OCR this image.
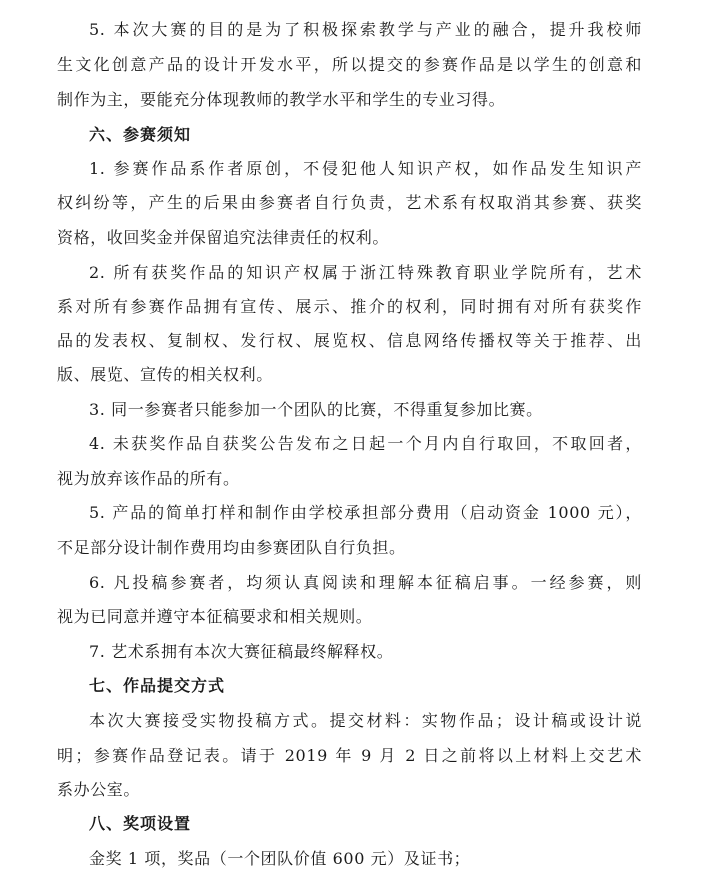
5. 本次大赛的目的是为了积极探索教学与产业的融合，提升我校师
生文化创意产品的设计开发水平，所以提交的参赛作品是以学生的创意和
制作为主，要能充分体现教师的教学水平和学生的专业习得。
六、参赛须知
1. 参赛作品系作者原创，不侵犯他人知识产权，如作品发生知识产
权纠纷等，产生的后果由参赛者自行负责，艺术系有权取消其参赛、获奖
资格，收回奖金并保留追究法律责任的权利。
2. 所有获奖作品的知识产权属于浙江特殊教育职业学院所有，艺术
系对所有参赛作品拥有宣传、展示、推介的权利，同时拥有对所有获奖作
品的发表权、复制权、发行权、展览权、信息网络传播权等关于推荐、出
版、展览、宣传的相关权利。
3. 同一参赛者只能参加一个团队的比赛，不得重复参加比赛。
4. 未获奖作品自获奖公告发布之日起一个月内自行取回，不取回者，
视为放弃该作品的所有。
5. 产品的简单打样和制作由学校承担部分费用（启动资金 1000 元），
不足部分设计制作费用均由参赛团队自行负担。
6. 凡投稿参赛者，均须认真阅读和理解本征稿启事。一经参赛，则
视为已同意并遵守本征稿要求和相关规则。
7. 艺术系拥有本次大赛征稿最终解释权。
七、作品提交方式
本次大赛接受实物投稿方式。提交材料：实物作品；设计稿或设计说
明；参赛作品登记表。请于 2019 年 9 月 2 日之前将以上材料上交艺术
系办公室。
八、奖项设置
金奖 1 项，奖品（一个团队价值 600 元）及证书；
